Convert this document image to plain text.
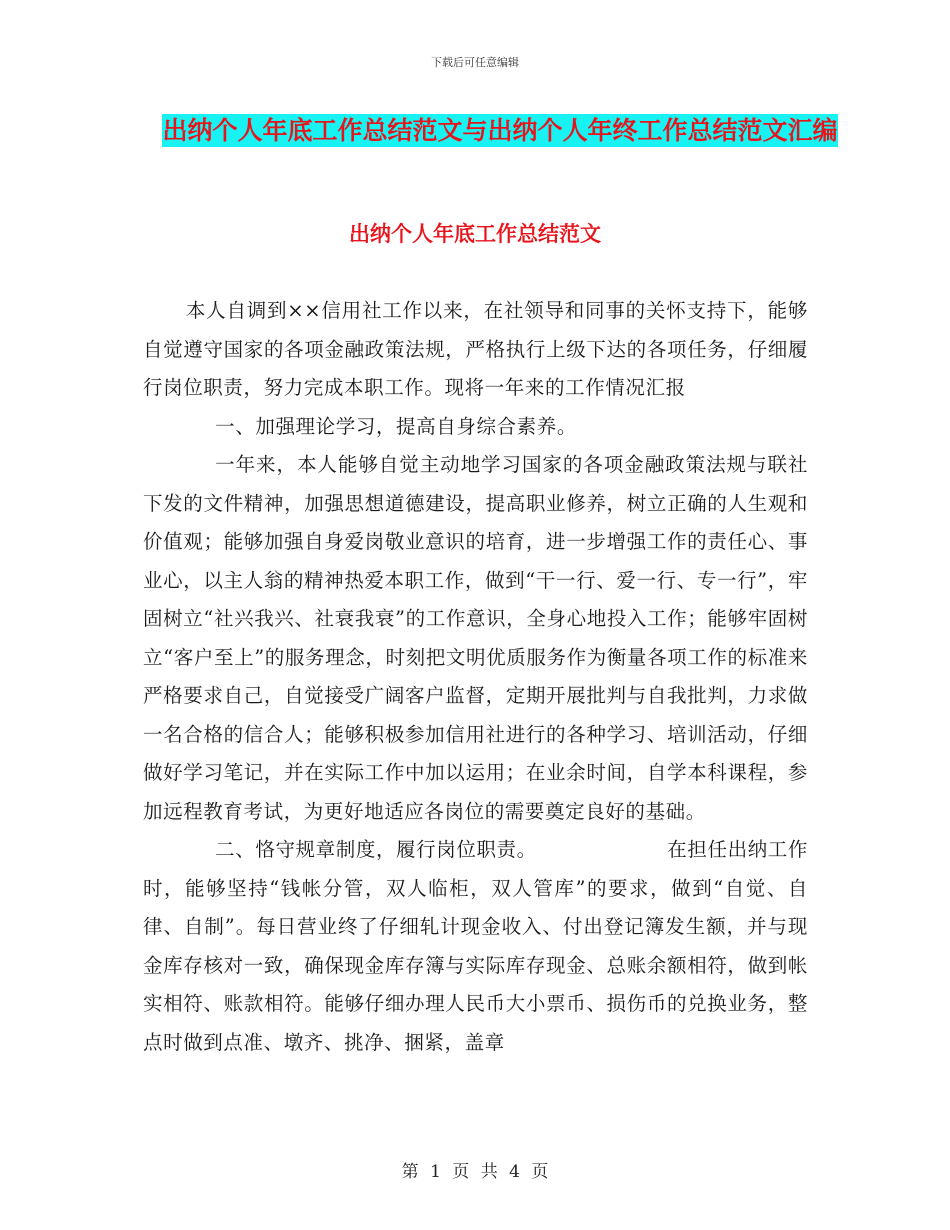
下载后可任意编辑
出纳个人年底工作总结范文与出纳个人年终工作总结范文汇编
出纳个人年底工作总结范文

本人自调到××信用社工作以来，在社领导和同事的关怀支持下，能够自觉遵守国家的各项金融政策法规，严格执行上级下达的各项任务，仔细履行岗位职责，努力完成本职工作。现将一年来的工作情况汇报

一、加强理论学习，提高自身综合素养。

一年来，本人能够自觉主动地学习国家的各项金融政策法规与联社下发的文件精神，加强思想道德建设，提高职业修养，树立正确的人生观和价值观；能够加强自身爱岗敬业意识的培育，进一步增强工作的责任心、事业心，以主人翁的精神热爱本职工作，做到“干一行、爱一行、专一行”，牢固树立“社兴我兴、社衰我衰”的工作意识，全身心地投入工作；能够牢固树立“客户至上”的服务理念，时刻把文明优质服务作为衡量各项工作的标准来严格要求自己，自觉接受广阔客户监督，定期开展批判与自我批判，力求做一名合格的信合人；能够积极参加信用社进行的各种学习、培训活动，仔细做好学习笔记，并在实际工作中加以运用；在业余时间，自学本科课程，参加远程教育考试，为更好地适应各岗位的需要奠定良好的基础。

二、恪守规章制度，履行岗位职责。	在担任出纳工作

时，能够坚持“钱帐分管，双人临柜，双人管库”的要求，做到“自觉、自律、自制”。每日营业终了仔细轧计现金收入、付出登记簿发生额，并与现金库存核对一致，确保现金库存簿与实际库存现金、总账余额相符，做到帐实相符、账款相符。能够仔细办理人民币大小票币、损伤币的兑换业务，整点时做到点准、墩齐、挑净、捆紧，盖章

第 1 页 共 4 页
